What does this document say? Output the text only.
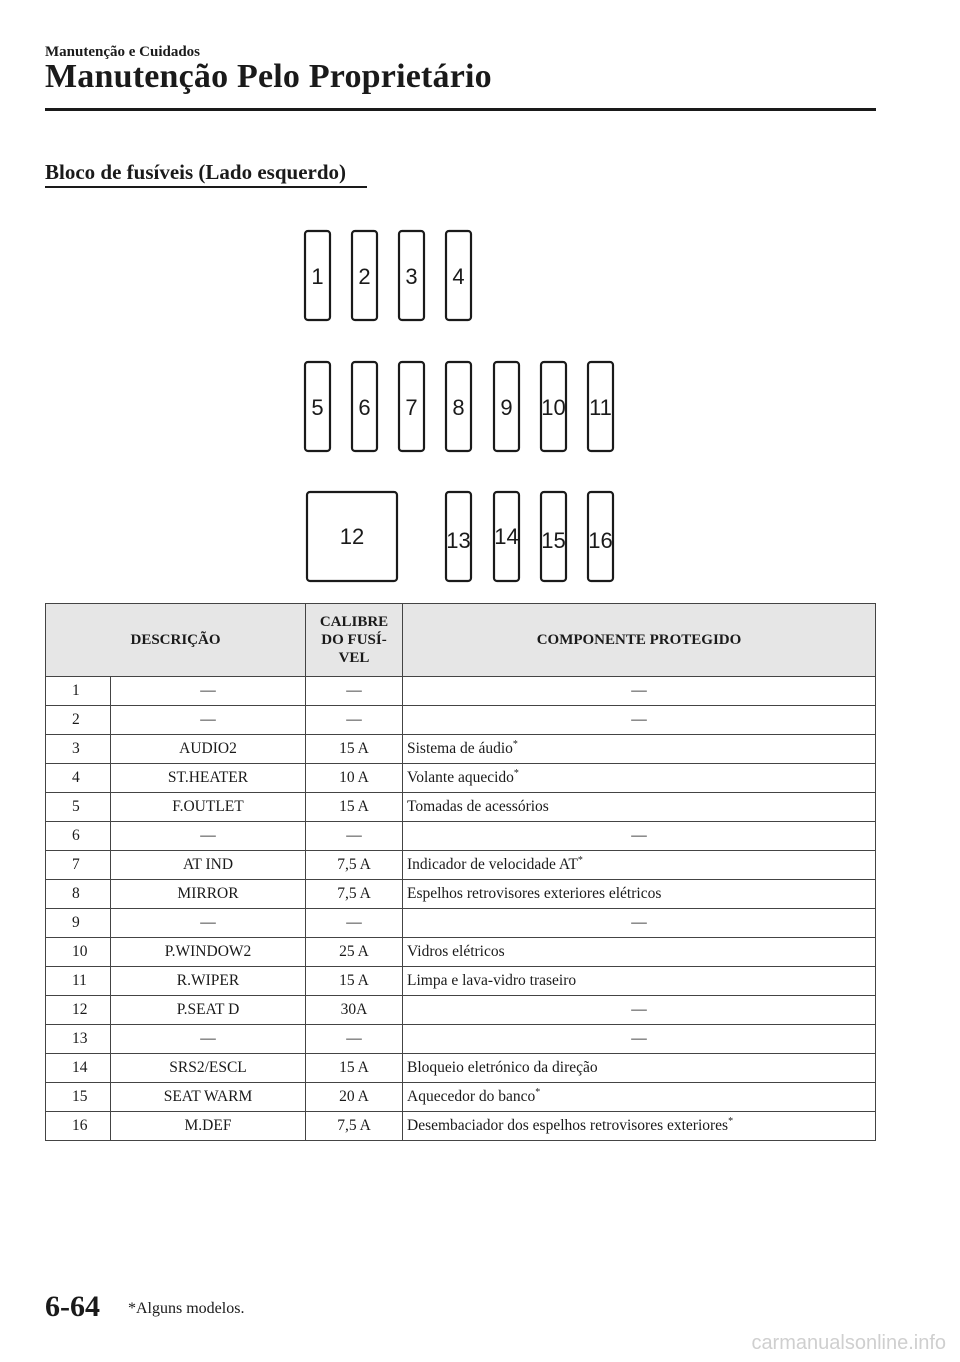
Manutenção e Cuidados
Manutenção Pelo Proprietário
Bloco de fusíveis (Lado esquerdo)
1 2 3 4
5 6 7 8 9 10 11
12	13 14 15 16
DESCRIÇÃO		CALIBRE
DO FUSÍ-
VEL	COMPONENTE PROTEGIDO
1	—	—	—
2	—	—	—
3	AUDIO2	15 A	Sistema de áudio*
4	ST.HEATER	10 A	Volante aquecido*
5	F.OUTLET	15 A	Tomadas de acessórios
6	—	—	—
7	AT IND	7,5 A	Indicador de velocidade AT*
8	MIRROR	7,5 A	Espelhos retrovisores exteriores elétricos
9	—	—	—
10	P.WINDOW2	25 A	Vidros elétricos
11	R.WIPER	15 A	Limpa e lava-vidro traseiro
12	P.SEAT D	30A	—
13	—	—	—
14	SRS2/ESCL	15 A	Bloqueio eletrónico da direção
15	SEAT WARM	20 A	Aquecedor do banco*
16	M.DEF	7,5 A	Desembaciador dos espelhos retrovisores exteriores*
6-64 *Alguns modelos.
carmanualsonline.info
